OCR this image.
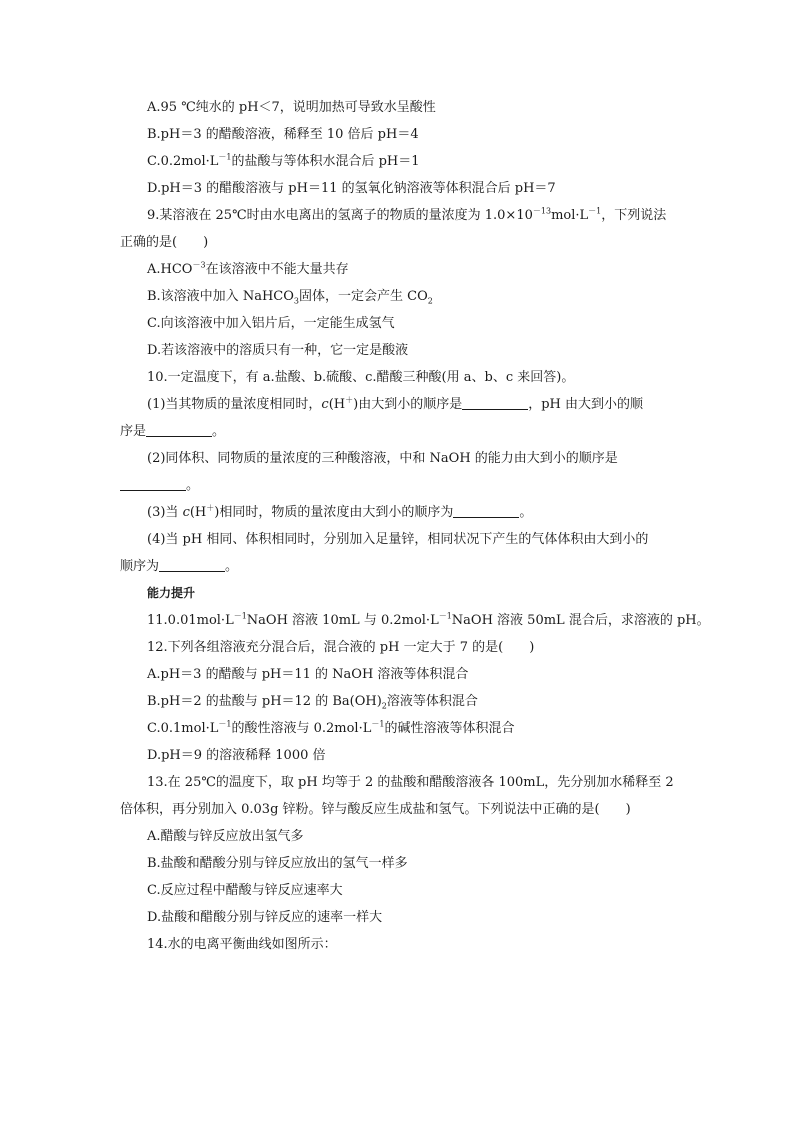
A.95 ℃纯水的 pH＜7，说明加热可导致水呈酸性
B.pH＝3 的醋酸溶液，稀释至 10 倍后 pH＝4
$C.0.2mol\cdot L^{-1}$的盐酸与等体积水混合后 pH＝1
D.pH＝3 的醋酸溶液与 pH＝11 的氢氧化钠溶液等体积混合后 pH＝7
9.某溶液在 25℃时由水电离出的氢离子的物质的量浓度为 $1.0\times 10^{-13}mol\cdot L^{-1}$，下列说法
正确的是(　　)
$A.HCO^{-3}$在该溶液中不能大量共存
B.该溶液中加入 NaHCO$_3$固体，一定会产生 $CO_2$
C.向该溶液中加入铝片后，一定能生成氢气
D.若该溶液中的溶质只有一种，它一定是酸液
10.一定温度下，有 a.盐酸、b.硫酸、c.醋酸三种酸(用 a、b、c 来回答)。
(1)当其物质的量浓度相同时，c(H＋)由大到小的顺序是	，pH 由大到小的顺
序是	。
(2)同体积、同物质的量浓度的三种酸溶液，中和 NaOH 的能力由大到小的顺序是
。
(3)当 c(H＋)相同时，物质的量浓度由大到小的顺序为	。
(4)当 pH 相同、体积相同时，分别加入足量锌，相同状况下产生的气体体积由大到小的
顺序为	。
能力提升
$11.0.01mol\cdot L^{-1}NaOH$ 溶液 10mL 与 $0.2mol\cdot L^{-1}NaOH$ 溶液 50mL 混合后，求溶液的 pH。
12.下列各组溶液充分混合后，混合液的 pH 一定大于 7 的是(　　)
A.pH＝3 的醋酸与 pH＝11 的 NaOH 溶液等体积混合
B.pH＝2 的盐酸与 pH＝12 的 $Ba(OH)_2$溶液等体积混合
$C.0.1mol\cdot L^{-1}$的酸性溶液与 $0.2mol\cdot L^{-1}$的碱性溶液等体积混合
D.pH＝9 的溶液稀释 1000 倍
13.在 25℃的温度下，取 pH 均等于 2 的盐酸和醋酸溶液各 100mL，先分别加水稀释至 2
倍体积，再分别加入 0.03g 锌粉。锌与酸反应生成盐和氢气。下列说法中正确的是(　　)
A.醋酸与锌反应放出氢气多
B.盐酸和醋酸分别与锌反应放出的氢气一样多
C.反应过程中醋酸与锌反应速率大
D.盐酸和醋酸分别与锌反应的速率一样大
14.水的电离平衡曲线如图所示：
